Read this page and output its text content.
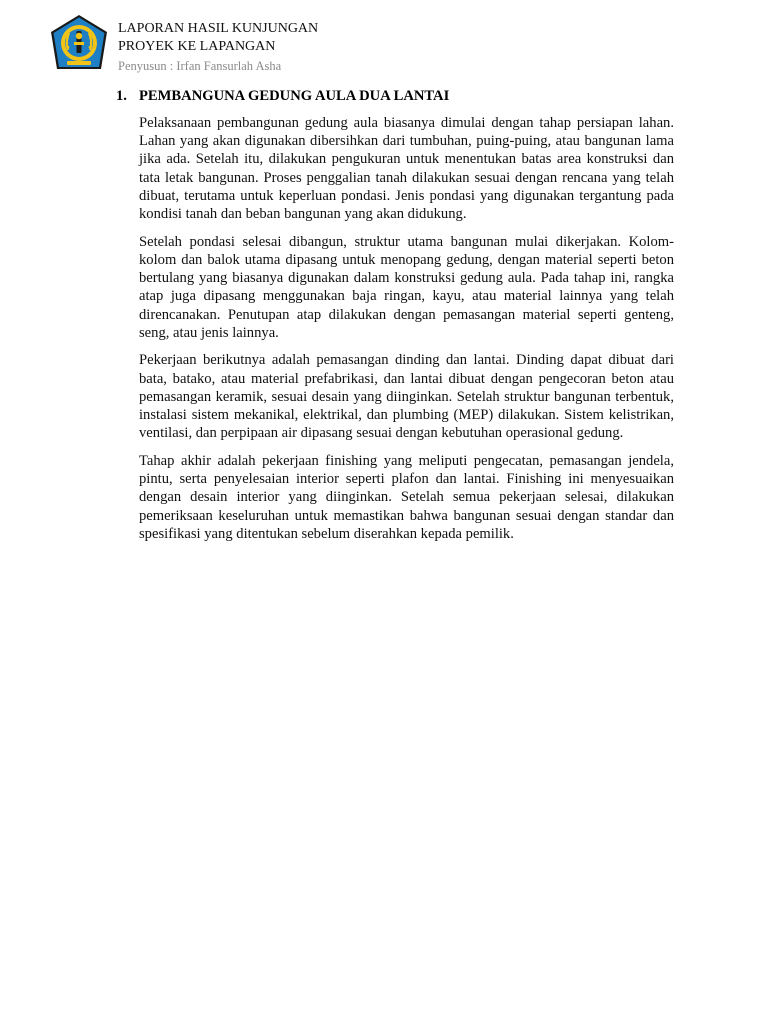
LAPORAN HASIL KUNJUNGAN
PROYEK KE LAPANGAN
Penyusun : Irfan Fansurlah Asha
1. PEMBANGUNA GEDUNG AULA DUA LANTAI

Pelaksanaan pembangunan gedung aula biasanya dimulai dengan tahap persiapan lahan. Lahan yang akan digunakan dibersihkan dari tumbuhan, puing-puing, atau bangunan lama jika ada. Setelah itu, dilakukan pengukuran untuk menentukan batas area konstruksi dan tata letak bangunan. Proses penggalian tanah dilakukan sesuai dengan rencana yang telah dibuat, terutama untuk keperluan pondasi. Jenis pondasi yang digunakan tergantung pada kondisi tanah dan beban bangunan yang akan didukung.

Setelah pondasi selesai dibangun, struktur utama bangunan mulai dikerjakan. Kolom-kolom dan balok utama dipasang untuk menopang gedung, dengan material seperti beton bertulang yang biasanya digunakan dalam konstruksi gedung aula. Pada tahap ini, rangka atap juga dipasang menggunakan baja ringan, kayu, atau material lainnya yang telah direncanakan. Penutupan atap dilakukan dengan pemasangan material seperti genteng, seng, atau jenis lainnya.

Pekerjaan berikutnya adalah pemasangan dinding dan lantai. Dinding dapat dibuat dari bata, batako, atau material prefabrikasi, dan lantai dibuat dengan pengecoran beton atau pemasangan keramik, sesuai desain yang diinginkan. Setelah struktur bangunan terbentuk, instalasi sistem mekanikal, elektrikal, dan plumbing (MEP) dilakukan. Sistem kelistrikan, ventilasi, dan perpipaan air dipasang sesuai dengan kebutuhan operasional gedung.

Tahap akhir adalah pekerjaan finishing yang meliputi pengecatan, pemasangan jendela, pintu, serta penyelesaian interior seperti plafon dan lantai. Finishing ini menyesuaikan dengan desain interior yang diinginkan. Setelah semua pekerjaan selesai, dilakukan pemeriksaan keseluruhan untuk memastikan bahwa bangunan sesuai dengan standar dan spesifikasi yang ditentukan sebelum diserahkan kepada pemilik.
